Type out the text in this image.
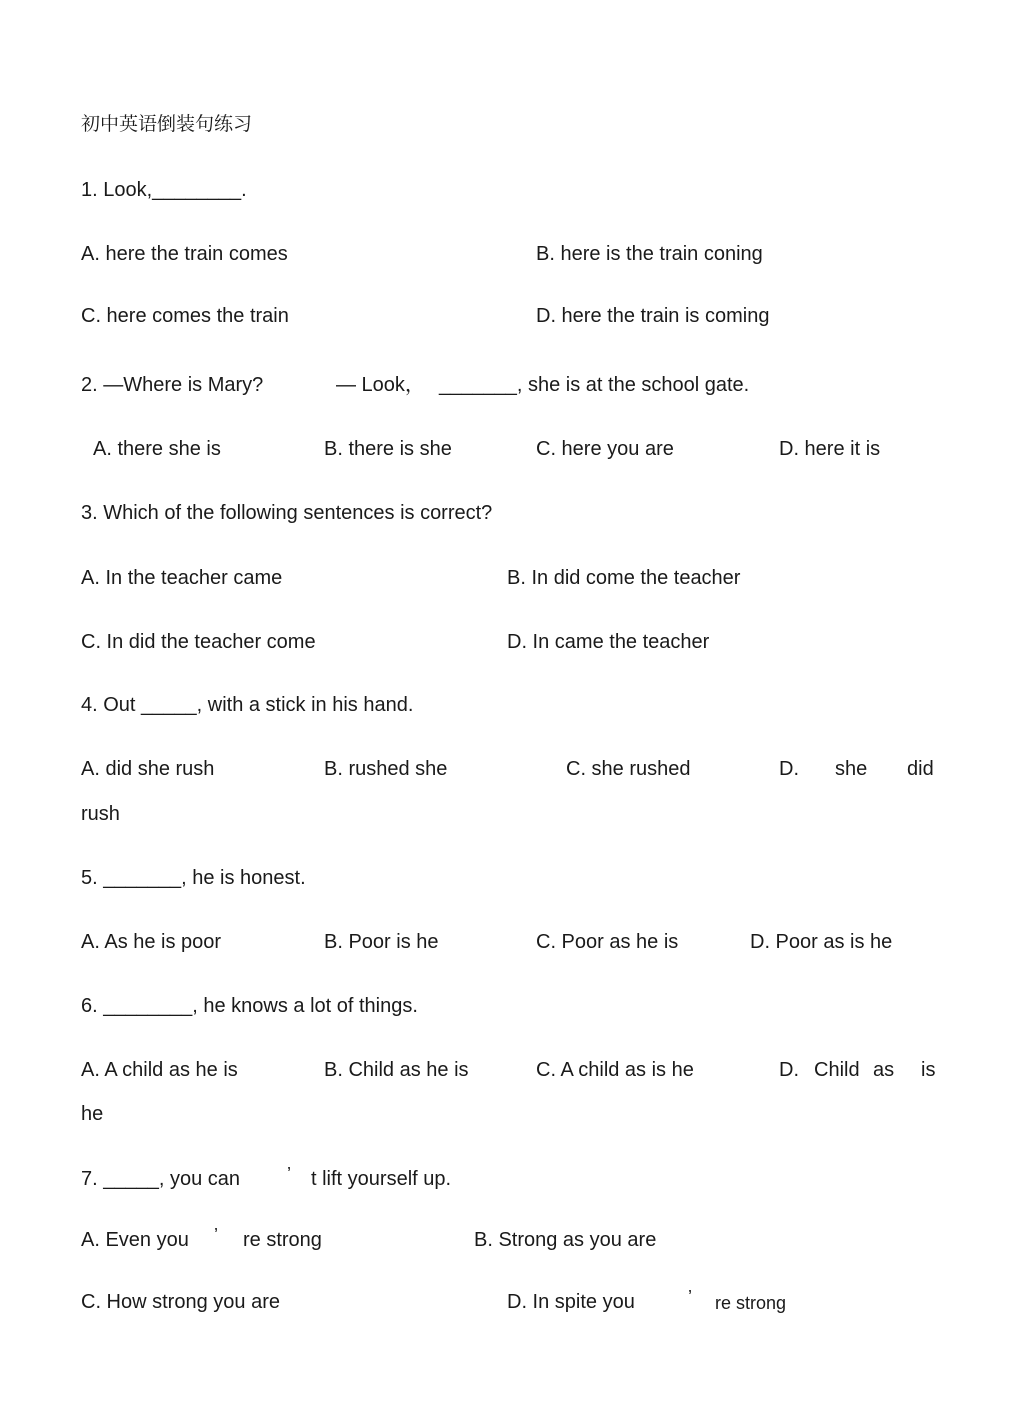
初中英语倒装句练习
1. Look,________.
A. here the train comes	B. here is the train coning
C. here comes the train	D. here the train is coming
2. —Where is Mary?	— Look， _______, she is at the school gate.
A. there she is	B. there is she	C. here you are	D. here it is
3. Which of the following sentences is correct?
A. In the teacher came	B. In did come the teacher
C. In did the teacher come	D. In came the teacher
4. Out _____, with a stick in his hand.
A. did she rush	B. rushed she	C. she rushed	D. she did
rush
5. _______, he is honest.
A. As he is poor	B. Poor is he	C. Poor as he is	D. Poor as is he
6. ________, he knows a lot of things.
A. A child as he is	B. Child as he is	C. A child as is he	D. Child as is
he
7. _____, you can	’ t lift yourself up.
A. Even you ’ re strong	B. Strong as you are
C. How strong you are	D. In spite you	’ re strong
